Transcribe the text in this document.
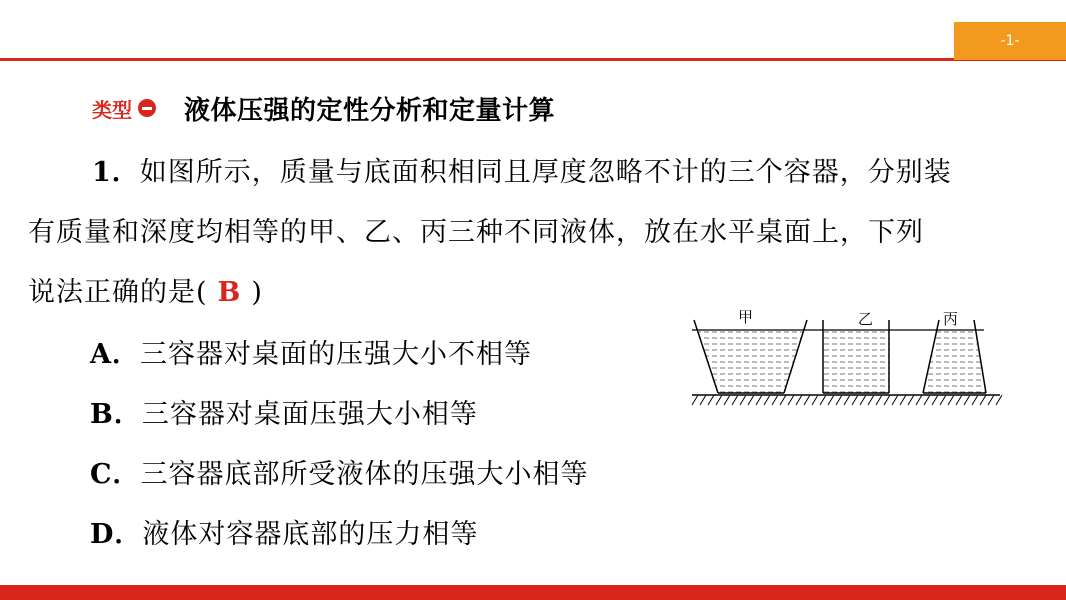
-1-
类型 液体压强的定性分析和定量计算
1．如图所示，质量与底面积相同且厚度忽略不计的三个容器，分别装
有质量和深度均相等的甲、乙、丙三种不同液体，放在水平桌面上，下列
说法正确的是( B )
A．三容器对桌面的压强大小不相等
B．三容器对桌面压强大小相等
C．三容器底部所受液体的压强大小相等
D．液体对容器底部的压力相等
甲	乙	丙
